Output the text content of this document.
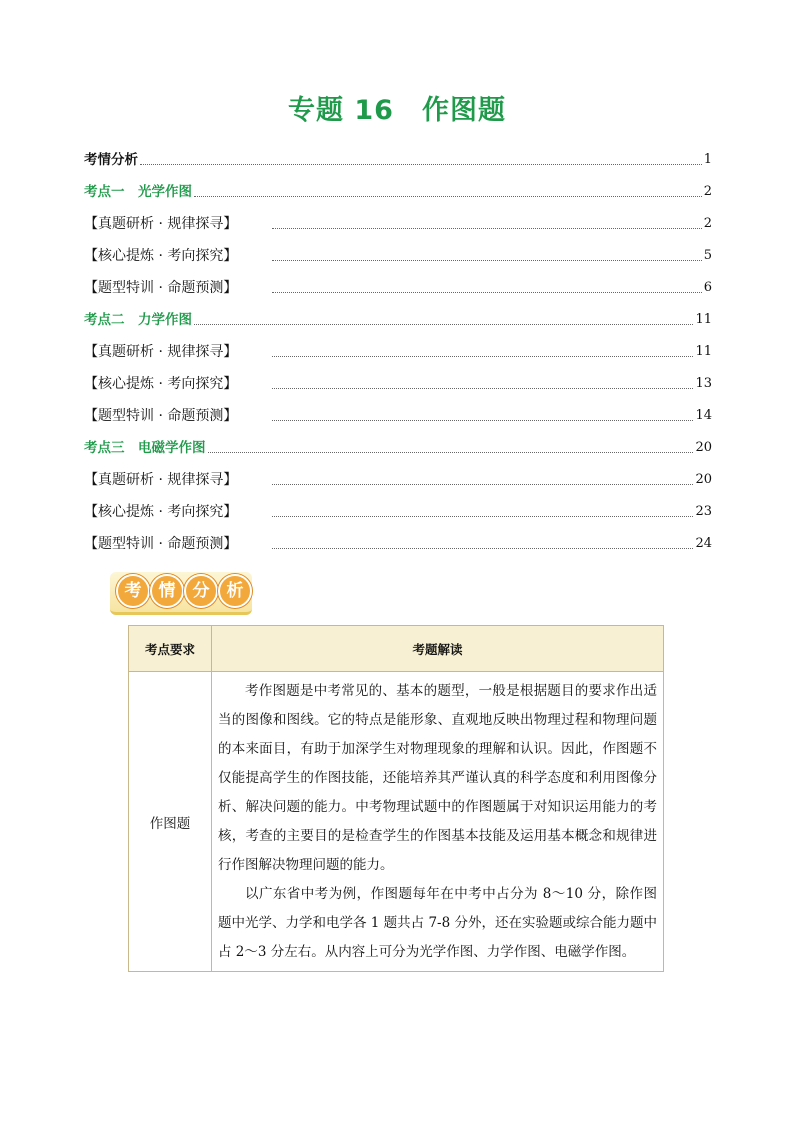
专题 16　作图题
考情分析	1
考点一　光学作图	2
【真题研析 · 规律探寻】	2
【核心提炼 · 考向探究】	5
【题型特训 · 命题预测】	6
考点二　力学作图	11
【真题研析 · 规律探寻】	11
【核心提炼 · 考向探究】	13
【题型特训 · 命题预测】	14
考点三　电磁学作图	20
【真题研析 · 规律探寻】	20
【核心提炼 · 考向探究】	23
【题型特训 · 命题预测】	24
考	情	分	析
考点要求	考题解读
作图题	考作图题是中考常见的、基本的题型，一般是根据题目的要求作出适当的图像和图线。它的特点是能形象、直观地反映出物理过程和物理问题的本来面目，有助于加深学生对物理现象的理解和认识。因此，作图题不仅能提高学生的作图技能，还能培养其严谨认真的科学态度和利用图像分析、解决问题的能力。中考物理试题中的作图题属于对知识运用能力的考核，考查的主要目的是检查学生的作图基本技能及运用基本概念和规律进行作图解决物理问题的能力。

以广东省中考为例，作图题每年在中考中占分为 8～10 分，除作图题中光学、力学和电学各 1 题共占 7-8 分外，还在实验题或综合能力题中占 2～3 分左右。从内容上可分为光学作图、力学作图、电磁学作图。
